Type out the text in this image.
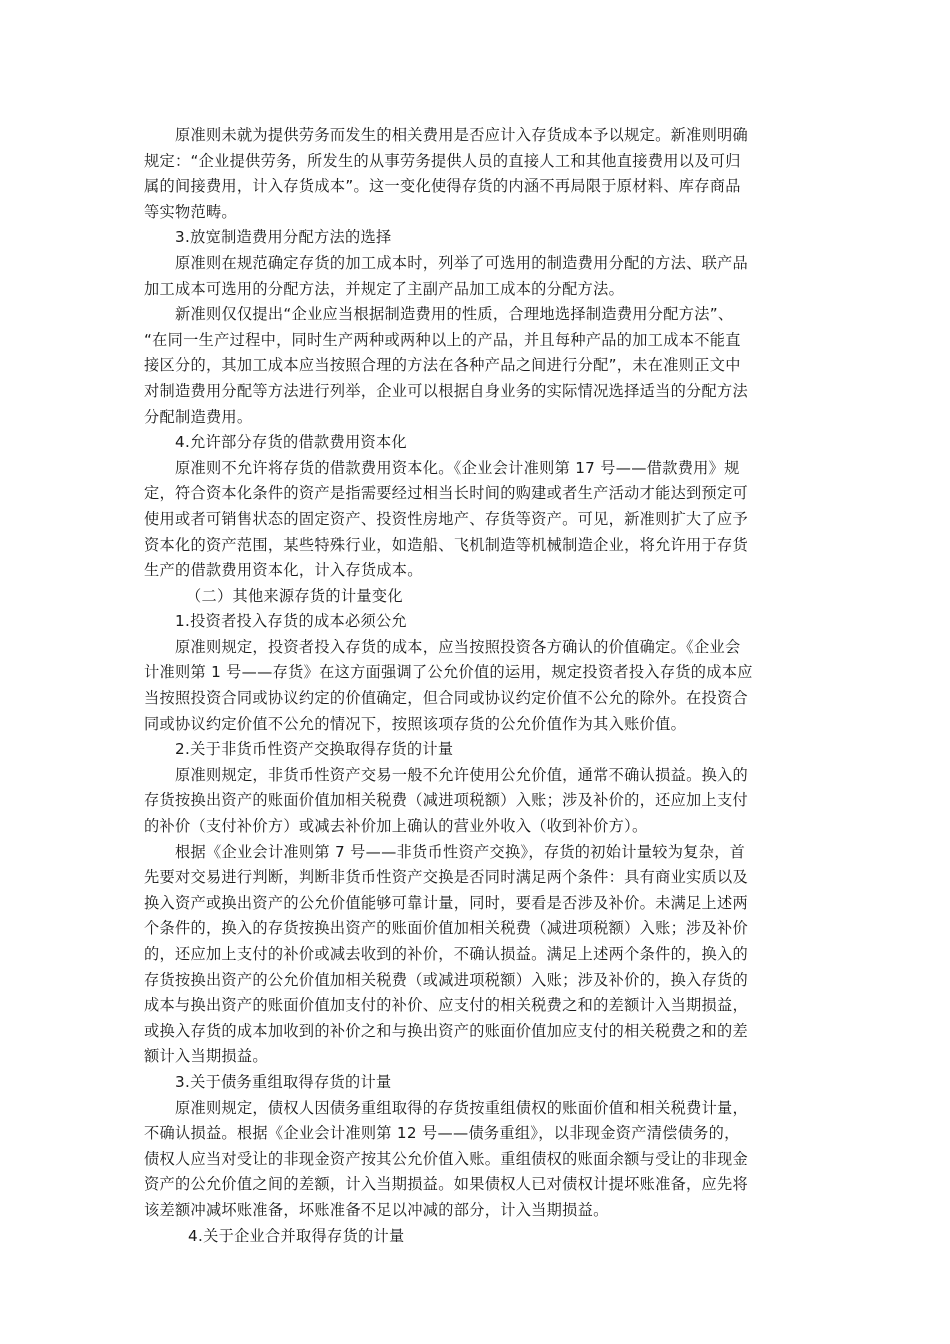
原准则未就为提供劳务而发生的相关费用是否应计入存货成本予以规定。新准则明确
规定：“企业提供劳务，所发生的从事劳务提供人员的直接人工和其他直接费用以及可归
属的间接费用，计入存货成本”。这一变化使得存货的内涵不再局限于原材料、库存商品
等实物范畴。
3.放宽制造费用分配方法的选择
原准则在规范确定存货的加工成本时，列举了可选用的制造费用分配的方法、联产品
加工成本可选用的分配方法，并规定了主副产品加工成本的分配方法。
新准则仅仅提出“企业应当根据制造费用的性质，合理地选择制造费用分配方法”、
“在同一生产过程中，同时生产两种或两种以上的产品，并且每种产品的加工成本不能直
接区分的，其加工成本应当按照合理的方法在各种产品之间进行分配”，未在准则正文中
对制造费用分配等方法进行列举，企业可以根据自身业务的实际情况选择适当的分配方法
分配制造费用。
4.允许部分存货的借款费用资本化
原准则不允许将存货的借款费用资本化。《企业会计准则第 17 号——借款费用》规
定，符合资本化条件的资产是指需要经过相当长时间的购建或者生产活动才能达到预定可
使用或者可销售状态的固定资产、投资性房地产、存货等资产。可见，新准则扩大了应予
资本化的资产范围，某些特殊行业，如造船、飞机制造等机械制造企业，将允许用于存货
生产的借款费用资本化，计入存货成本。
（二）其他来源存货的计量变化
1.投资者投入存货的成本必须公允
原准则规定，投资者投入存货的成本，应当按照投资各方确认的价值确定。《企业会
计准则第 1 号——存货》在这方面强调了公允价值的运用，规定投资者投入存货的成本应
当按照投资合同或协议约定的价值确定，但合同或协议约定价值不公允的除外。在投资合
同或协议约定价值不公允的情况下，按照该项存货的公允价值作为其入账价值。
2.关于非货币性资产交换取得存货的计量
原准则规定，非货币性资产交易一般不允许使用公允价值，通常不确认损益。换入的
存货按换出资产的账面价值加相关税费（减进项税额）入账；涉及补价的，还应加上支付
的补价（支付补价方）或减去补价加上确认的营业外收入（收到补价方）。
根据《企业会计准则第 7 号——非货币性资产交换》，存货的初始计量较为复杂，首
先要对交易进行判断，判断非货币性资产交换是否同时满足两个条件：具有商业实质以及
换入资产或换出资产的公允价值能够可靠计量，同时，要看是否涉及补价。未满足上述两
个条件的，换入的存货按换出资产的账面价值加相关税费（减进项税额）入账；涉及补价
的，还应加上支付的补价或减去收到的补价，不确认损益。满足上述两个条件的，换入的
存货按换出资产的公允价值加相关税费（或减进项税额）入账；涉及补价的，换入存货的
成本与换出资产的账面价值加支付的补价、应支付的相关税费之和的差额计入当期损益，
或换入存货的成本加收到的补价之和与换出资产的账面价值加应支付的相关税费之和的差
额计入当期损益。
3.关于债务重组取得存货的计量
原准则规定，债权人因债务重组取得的存货按重组债权的账面价值和相关税费计量，
不确认损益。根据《企业会计准则第 12 号——债务重组》，以非现金资产清偿债务的，
债权人应当对受让的非现金资产按其公允价值入账。重组债权的账面余额与受让的非现金
资产的公允价值之间的差额，计入当期损益。如果债权人已对债权计提坏账准备，应先将
该差额冲减坏账准备，坏账准备不足以冲减的部分，计入当期损益。
4.关于企业合并取得存货的计量
